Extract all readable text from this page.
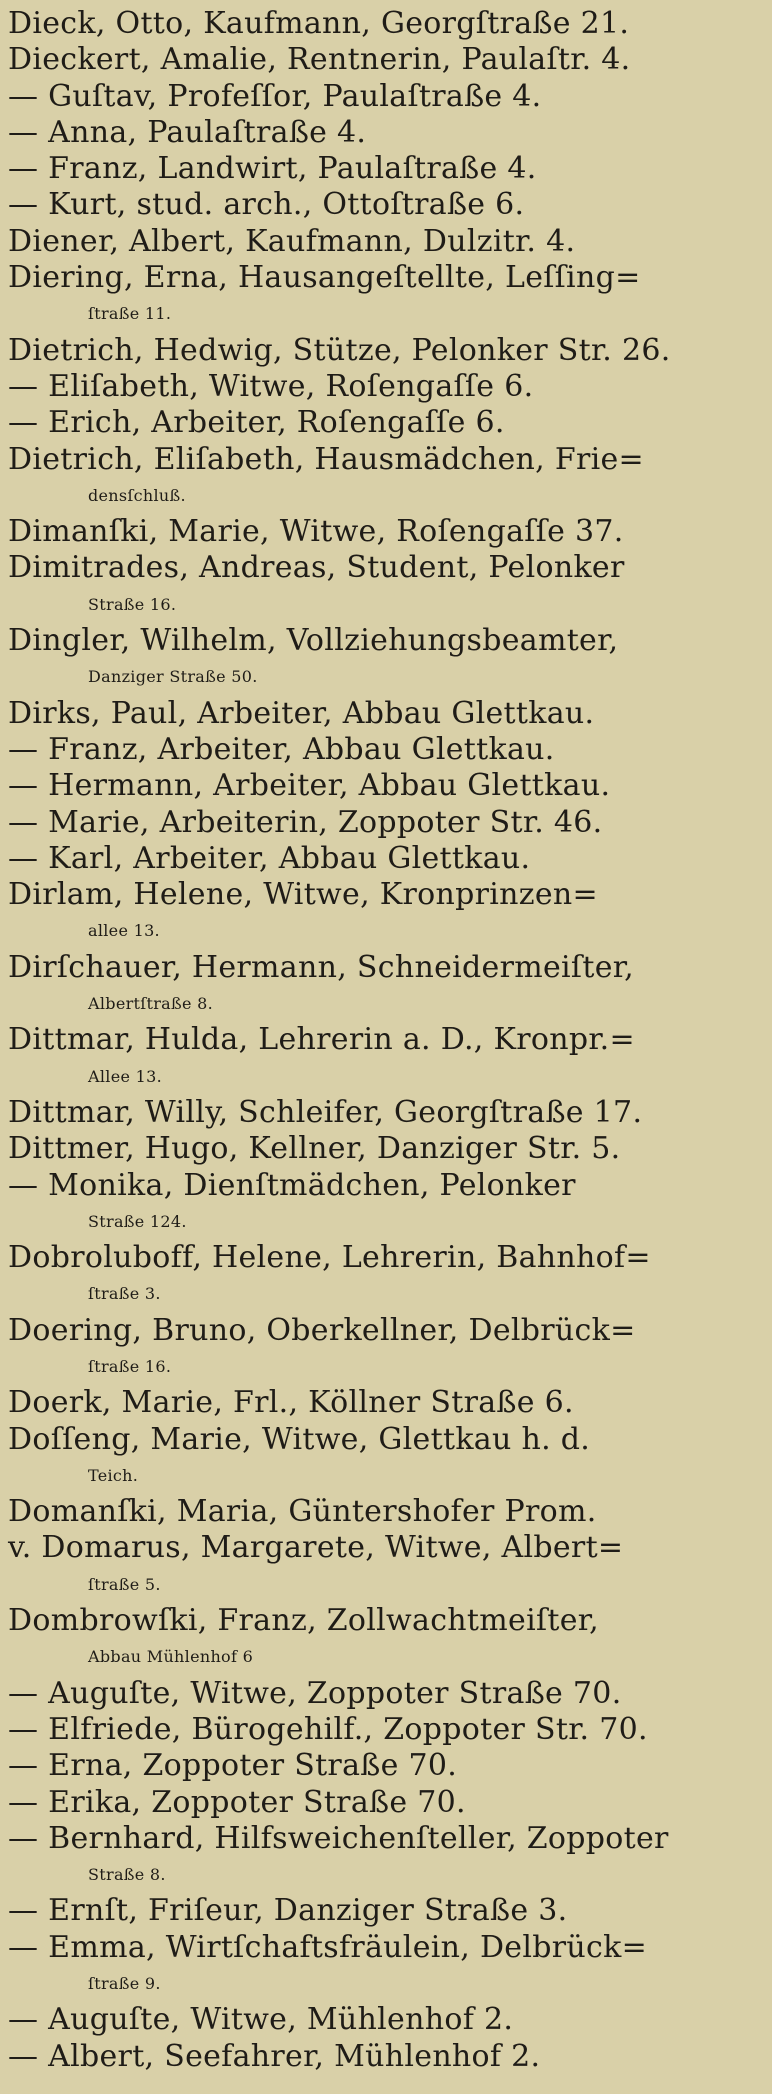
Dieck, Otto, Kaufmann, Georgſtraße 21.
Dieckert, Amalie, Rentnerin, Paulaſtr. 4.
— Guſtav, Profeſſor, Paulaſtraße 4.
— Anna, Paulaſtraße 4.
— Franz, Landwirt, Paulaſtraße 4.
— Kurt, stud. arch., Ottoſtraße 6.
Diener, Albert, Kaufmann, Dulzitr. 4.
Diering, Erna, Hausangeſtellte, Leſſing=
ſtraße 11.
Dietrich, Hedwig, Stütze, Pelonker Str. 26.
— Eliſabeth, Witwe, Roſengaſſe 6.
— Erich, Arbeiter, Roſengaſſe 6.
Dietrich, Eliſabeth, Hausmädchen, Frie=
densſchluß.
Dimanſki, Marie, Witwe, Roſengaſſe 37.
Dimitrades, Andreas, Student, Pelonker
Straße 16.
Dingler, Wilhelm, Vollziehungsbeamter,
Danziger Straße 50.
Dirks, Paul, Arbeiter, Abbau Glettkau.
— Franz, Arbeiter, Abbau Glettkau.
— Hermann, Arbeiter, Abbau Glettkau.
— Marie, Arbeiterin, Zoppoter Str. 46.
— Karl, Arbeiter, Abbau Glettkau.
Dirlam, Helene, Witwe, Kronprinzen=
allee 13.
Dirſchauer, Hermann, Schneidermeiſter,
Albertſtraße 8.
Dittmar, Hulda, Lehrerin a. D., Kronpr.=
Allee 13.
Dittmar, Willy, Schleifer, Georgſtraße 17.
Dittmer, Hugo, Kellner, Danziger Str. 5.
— Monika, Dienſtmädchen, Pelonker
Straße 124.
Dobroluboff, Helene, Lehrerin, Bahnhof=
ſtraße 3.
Doering, Bruno, Oberkellner, Delbrück=
ſtraße 16.
Doerk, Marie, Frl., Köllner Straße 6.
Doſſeng, Marie, Witwe, Glettkau h. d.
Teich.
Domanſki, Maria, Güntershofer Prom.
v. Domarus, Margarete, Witwe, Albert=
ſtraße 5.
Dombrowſki, Franz, Zollwachtmeiſter,
Abbau Mühlenhof 6
— Auguſte, Witwe, Zoppoter Straße 70.
— Elfriede, Bürogehilf., Zoppoter Str. 70.
— Erna, Zoppoter Straße 70.
— Erika, Zoppoter Straße 70.
— Bernhard, Hilfsweichenſteller, Zoppoter
Straße 8.
— Ernſt, Friſeur, Danziger Straße 3.
— Emma, Wirtſchaftsfräulein, Delbrück=
ſtraße 9.
— Auguſte, Witwe, Mühlenhof 2.
— Albert, Seefahrer, Mühlenhof 2.
